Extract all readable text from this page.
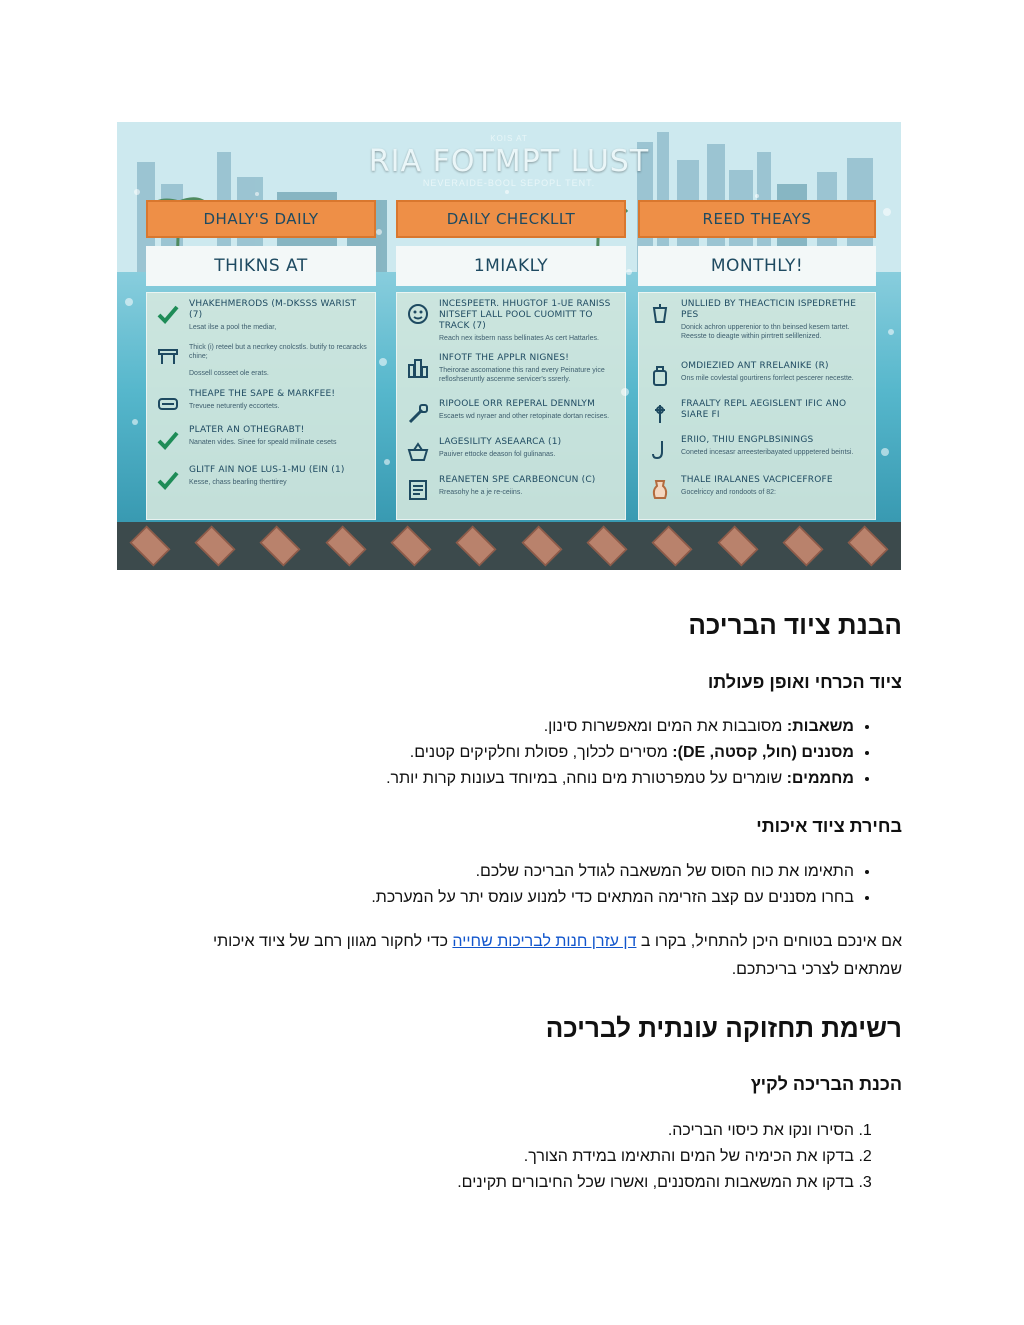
KOIS AT
RIA FOTMPT LUST
NEVERAIDE-BOOL SEPOPL TENT.
DHALY'S DAILY
THIKNS AT
VHAKEHMERODS (M-DKSSS WARIST (7)
Lesat ilse a pool the mediar,
Thick (i) reteel but a necrkey cnolcstls. butify to recaracks chine;
Dossell cosseet ole erats.
THEAPE THE SAPE & MARKFEE!
Trevuee neturently eccortets.
PLATER AN OTHEGRABT!
Nanaten vides. Sinee for speald milinate cesets
GLITF AIN NOE LUS-1-MU (EIN (1)
Kesse, chass bearling therttirey
DAILY CHECKLLT
1MIAKLY
INCESPEETR. HHUGTOF 1-UE RANISS NITSEFT LALL POOL CUOMITT TO TRACK (7)
Reach nex itsbern nass bellinates As cert Hattarles.
INFOTF THE APPLR NIGNES!
Theirorae ascomatione this rand every Peinature yice refloshseruntly ascenme servicer's ssrerly.
RIPOOLE ORR REPERAL DENNLYM
Escaets wd nyraer and other retopinate dortan recises.
LAGESILITY ASEAARCA (1)
Pauiver ettocke deason fol gulinanas.
REANETEN SPE CARBEONCUN (C)
Rreasohy he a je re-ceiins.
REED THEAYS
MONTHLY!
UNLLIED BY THEACTICIN ISPEDRETHE PES
Donick achron upperenior to thn beinsed kesem tartet. Reesste to dieagte within pirrtrett selillenized.
OMDIEZIED ANT RRELANIKE (R)
Ons mile covlestal gourtirens forrlect pescerer necestte.
FRAALTY REPL AEGISLENT IFIC ANO SIARE FI
ERIIO, THIU ENGPLBSININGS
Coneted incesasr arreesteribayated upppetered beintsi.
THALE IRALANES VACPICEFROFE
Gocelriccy and rondoots of 82:
הבנת ציוד הבריכה
ציוד הכרחי ואופן פעולתו
• משאבות: מסובבות את המים ומאפשרות סינון.
• מסננים (חול, קסטה, DE): מסירים לכלוך, פסולת וחלקיקים קטנים.
• מחממים: שומרים על טמפרטורת מים נוחה, במיוחד בעונות קרות יותר.
בחירת ציוד איכותי
• התאימו את כוח הסוס של המשאבה לגודל הבריכה שלכם.
• בחרו מסננים עם קצב הזרימה המתאים כדי למנוע עומס יתר על המערכת.

אם אינכם בטוחים היכן להתחיל, בקרו ב דן עזרן חנות לבריכות שחייה כדי לחקור מגוון רחב של ציוד איכותי שמתאים לצרכי בריכתכם.

רשימת תחזוקה עונתית לבריכה
הכנת הבריכה לקיץ
1. הסירו ונקו את כיסוי הבריכה.
2. בדקו את הכימיה של המים והתאימו במידת הצורך.
3. בדקו את המשאבות והמסננים, ואשרו שכל החיבורים תקינים.
